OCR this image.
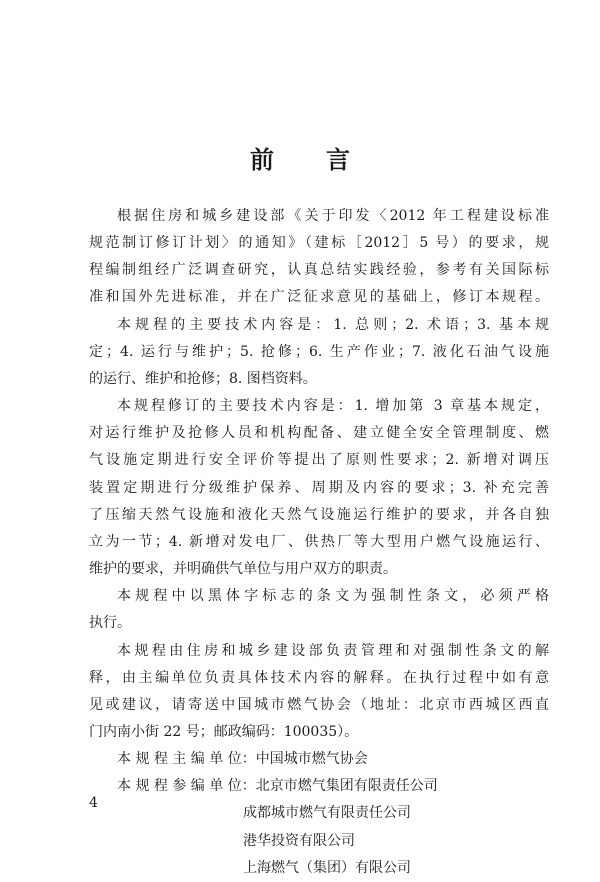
前言
根据住房和城乡建设部《关于印发〈2012 年工程建设标准
规范制订修订计划〉的通知》（建标［2012］5 号）的要求，规
程编制组经广泛调查研究，认真总结实践经验，参考有关国际标
准和国外先进标准，并在广泛征求意见的基础上，修订本规程。
本规程的主要技术内容是：1. 总则；2. 术语；3. 基本规
定；4. 运行与维护；5. 抢修；6. 生产作业；7. 液化石油气设施
的运行、维护和抢修；8. 图档资料。
本规程修订的主要技术内容是：1. 增加第 3 章基本规定，
对运行维护及抢修人员和机构配备、建立健全安全管理制度、燃
气设施定期进行安全评价等提出了原则性要求；2. 新增对调压
装置定期进行分级维护保养、周期及内容的要求；3. 补充完善
了压缩天然气设施和液化天然气设施运行维护的要求，并各自独
立为一节；4. 新增对发电厂、供热厂等大型用户燃气设施运行、
维护的要求，并明确供气单位与用户双方的职责。
本规程中以黑体字标志的条文为强制性条文，必须严格
执行。
本规程由住房和城乡建设部负责管理和对强制性条文的解
释，由主编单位负责具体技术内容的解释。在执行过程中如有意
见或建议，请寄送中国城市燃气协会（地址：北京市西城区西直
门内南小街 22 号；邮政编码：100035）。
本 规 程 主 编 单 位：中国城市燃气协会
本 规 程 参 编 单 位：北京市燃气集团有限责任公司
成都城市燃气有限责任公司
港华投资有限公司
上海燃气（集团）有限公司
4
